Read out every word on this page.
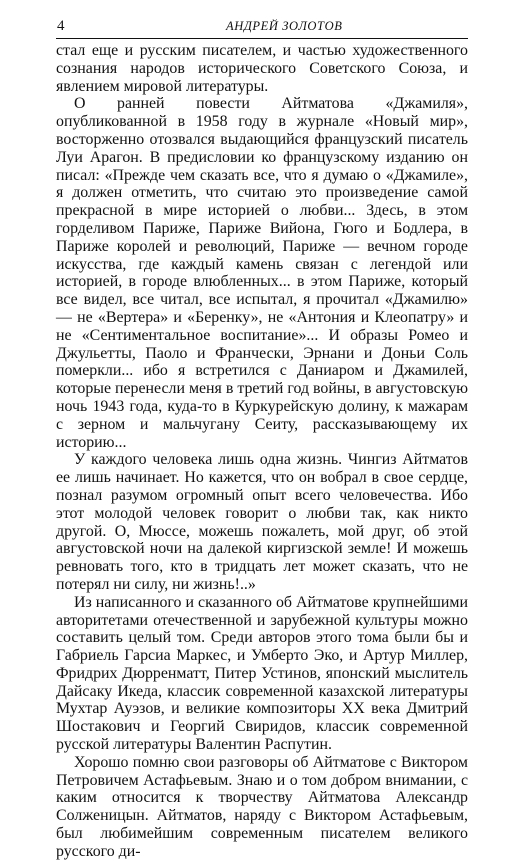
4	АНДРЕЙ ЗОЛОТОВ

стал еще и русским писателем, и частью художественного сознания народов исторического Советского Союза, и явлением мировой литературы.

О ранней повести Айтматова «Джамиля», опубликованной в 1958 году в журнале «Новый мир», восторженно отозвался выдающийся французский писатель Луи Арагон. В предисловии ко французскому изданию он писал: «Прежде чем сказать все, что я думаю о «Джамиле», я должен отметить, что считаю это произведение самой прекрасной в мире историей о любви... Здесь, в этом горделивом Париже, Париже Вийона, Гюго и Бодлера, в Париже королей и революций, Париже — вечном городе искусства, где каждый камень связан с легендой или историей, в городе влюбленных... в этом Париже, который все видел, все читал, все испытал, я прочитал «Джамилю» — не «Вертера» и «Беренку», не «Антония и Клеопатру» и не «Сентиментальное воспитание»... И образы Ромео и Джульетты, Паоло и Франчески, Эрнани и Доньи Соль померкли... ибо я встретился с Даниаром и Джамилей, которые перенесли меня в третий год войны, в августовскую ночь 1943 года, куда-то в Куркурейскую долину, к мажарам с зерном и мальчугану Сеиту, рассказывающему их историю...

У каждого человека лишь одна жизнь. Чингиз Айтматов ее лишь начинает. Но кажется, что он вобрал в свое сердце, познал разумом огромный опыт всего человечества. Ибо этот молодой человек говорит о любви так, как никто другой. О, Мюссе, можешь пожалеть, мой друг, об этой августовской ночи на далекой киргизской земле! И можешь ревновать того, кто в тридцать лет может сказать, что не потерял ни силу, ни жизнь!..»

Из написанного и сказанного об Айтматове крупнейшими авторитетами отечественной и зарубежной культуры можно составить целый том. Среди авторов этого тома были бы и Габриель Гарсиа Маркес, и Умберто Эко, и Артур Миллер, Фридрих Дюрренматт, Питер Устинов, японский мыслитель Дайсаку Икеда, классик современной казахской литературы Мухтар Ауэзов, и великие композиторы XX века Дмитрий Шостакович и Георгий Свиридов, классик современной русской литературы Валентин Распутин.

Хорошо помню свои разговоры об Айтматове с Виктором Петровичем Астафьевым. Знаю и о том добром внимании, с каким относится к творчеству Айтматова Александр Солженицын. Айтматов, наряду с Виктором Астафьевым, был любимейшим современным писателем великого русского ди-
